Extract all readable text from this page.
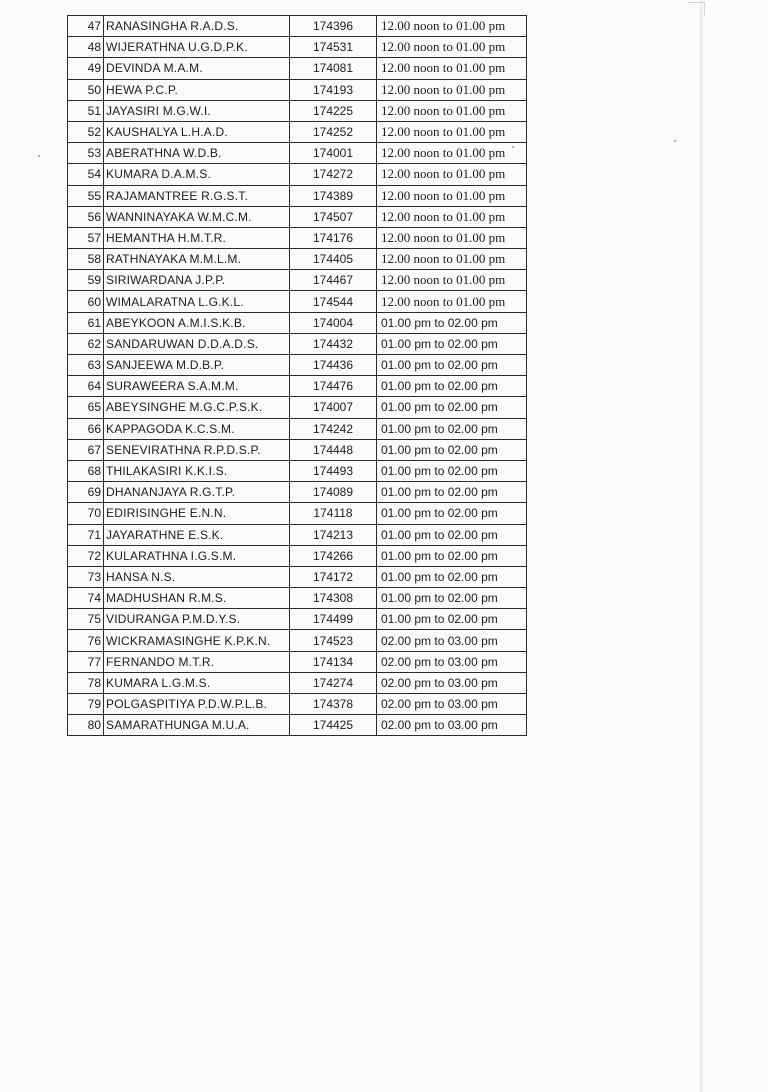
47	RANASINGHA R.A.D.S.	174396	12.00 noon to 01.00 pm
48	WIJERATHNA U.G.D.P.K.	174531	12.00 noon to 01.00 pm
49	DEVINDA M.A.M.	174081	12.00 noon to 01.00 pm
50	HEWA P.C.P.	174193	12.00 noon to 01.00 pm
51	JAYASIRI M.G.W.I.	174225	12.00 noon to 01.00 pm
52	KAUSHALYA L.H.A.D.	174252	12.00 noon to 01.00 pm
53	ABERATHNA W.D.B.	174001	12.00 noon to 01.00 pm
54	KUMARA D.A.M.S.	174272	12.00 noon to 01.00 pm
55	RAJAMANTREE R.G.S.T.	174389	12.00 noon to 01.00 pm
56	WANNINAYAKA W.M.C.M.	174507	12.00 noon to 01.00 pm
57	HEMANTHA H.M.T.R.	174176	12.00 noon to 01.00 pm
58	RATHNAYAKA M.M.L.M.	174405	12.00 noon to 01.00 pm
59	SIRIWARDANA J.P.P.	174467	12.00 noon to 01.00 pm
60	WIMALARATNA L.G.K.L.	174544	12.00 noon to 01.00 pm
61	ABEYKOON A.M.I.S.K.B.	174004	01.00 pm to 02.00 pm
62	SANDARUWAN D.D.A.D.S.	174432	01.00 pm to 02.00 pm
63	SANJEEWA M.D.B.P.	174436	01.00 pm to 02.00 pm
64	SURAWEERA S.A.M.M.	174476	01.00 pm to 02.00 pm
65	ABEYSINGHE M.G.C.P.S.K.	174007	01.00 pm to 02.00 pm
66	KAPPAGODA K.C.S.M.	174242	01.00 pm to 02.00 pm
67	SENEVIRATHNA R.P.D.S.P.	174448	01.00 pm to 02.00 pm
68	THILAKASIRI K.K.I.S.	174493	01.00 pm to 02.00 pm
69	DHANANJAYA R.G.T.P.	174089	01.00 pm to 02.00 pm
70	EDIRISINGHE E.N.N.	174118	01.00 pm to 02.00 pm
71	JAYARATHNE E.S.K.	174213	01.00 pm to 02.00 pm
72	KULARATHNA I.G.S.M.	174266	01.00 pm to 02.00 pm
73	HANSA N.S.	174172	01.00 pm to 02.00 pm
74	MADHUSHAN R.M.S.	174308	01.00 pm to 02.00 pm
75	VIDURANGA P.M.D.Y.S.	174499	01.00 pm to 02.00 pm
76	WICKRAMASINGHE K.P.K.N.	174523	02.00 pm to 03.00 pm
77	FERNANDO M.T.R.	174134	02.00 pm to 03.00 pm
78	KUMARA L.G.M.S.	174274	02.00 pm to 03.00 pm
79	POLGASPITIYA P.D.W.P.L.B.	174378	02.00 pm to 03.00 pm
80	SAMARATHUNGA M.U.A.	174425	02.00 pm to 03.00 pm
